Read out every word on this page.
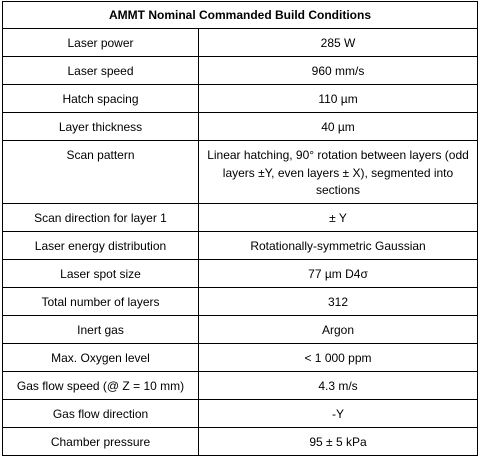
AMMT Nominal Commanded Build Conditions	
Laser power	285 W
Laser speed	960 mm/s
Hatch spacing	110 µm
Layer thickness	40 µm
Scan pattern	Linear hatching, 90° rotation between layers (odd layers ±Y, even layers ± X), segmented into sections
Scan direction for layer 1	± Y
Laser energy distribution	Rotationally-symmetric Gaussian
Laser spot size	77 µm D4σ
Total number of layers	312
Inert gas	Argon
Max. Oxygen level	< 1 000 ppm
Gas flow speed (@ Z = 10 mm)	4.3 m/s
Gas flow direction	-Y
Chamber pressure	95 ± 5 kPa
